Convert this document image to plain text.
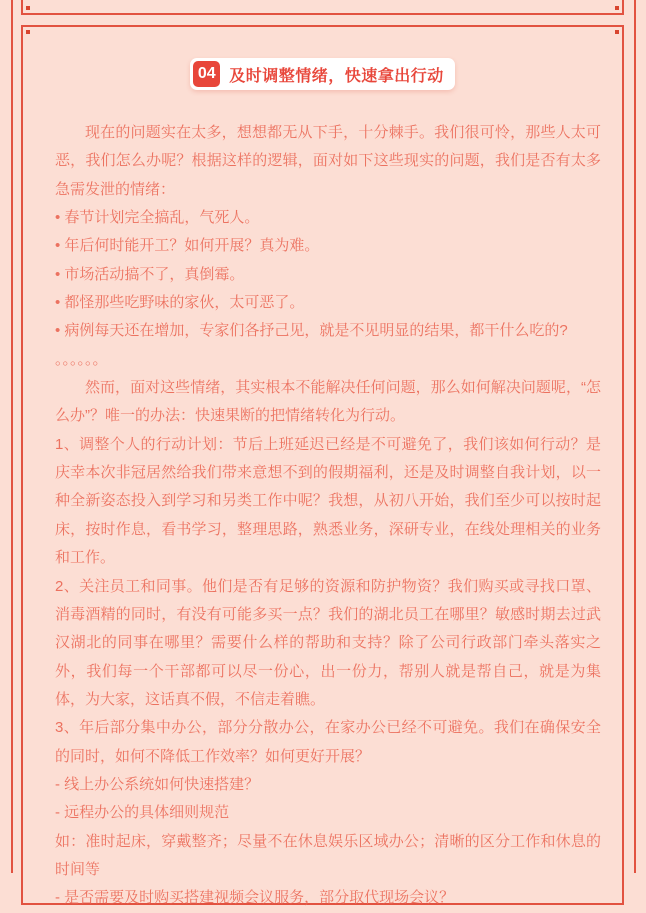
04 及时调整情绪，快速拿出行动

现在的问题实在太多，想想都无从下手，十分棘手。我们很可怜，那些人太可恶，我们怎么办呢？根据这样的逻辑，面对如下这些现实的问题，我们是否有太多急需发泄的情绪：

• 春节计划完全搞乱，气死人。

• 年后何时能开工？如何开展？真为难。

• 市场活动搞不了，真倒霉。

• 都怪那些吃野味的家伙，太可恶了。

• 病例每天还在增加，专家们各抒己见，就是不见明显的结果，都干什么吃的?

。。。。。。

然而，面对这些情绪，其实根本不能解决任何问题，那么如何解决问题呢，“怎么办”？唯一的办法：快速果断的把情绪转化为行动。

1、调整个人的行动计划：节后上班延迟已经是不可避免了，我们该如何行动？是庆幸本次非冠居然给我们带来意想不到的假期福利，还是及时调整自我计划，以一种全新姿态投入到学习和另类工作中呢？我想，从初八开始，我们至少可以按时起床，按时作息，看书学习，整理思路，熟悉业务，深研专业，在线处理相关的业务和工作。

2、关注员工和同事。他们是否有足够的资源和防护物资？我们购买或寻找口罩、消毒酒精的同时，有没有可能多买一点？我们的湖北员工在哪里？敏感时期去过武汉湖北的同事在哪里？需要什么样的帮助和支持？除了公司行政部门牵头落实之外，我们每一个干部都可以尽一份心，出一份力，帮别人就是帮自己，就是为集体，为大家，这话真不假，不信走着瞧。

3、年后部分集中办公，部分分散办公，在家办公已经不可避免。我们在确保安全的同时，如何不降低工作效率？如何更好开展？

- 线上办公系统如何快速搭建？

- 远程办公的具体细则规范

如：准时起床，穿戴整齐；尽量不在休息娱乐区域办公；清晰的区分工作和休息的时间等

- 是否需要及时购买搭建视频会议服务，部分取代现场会议？
